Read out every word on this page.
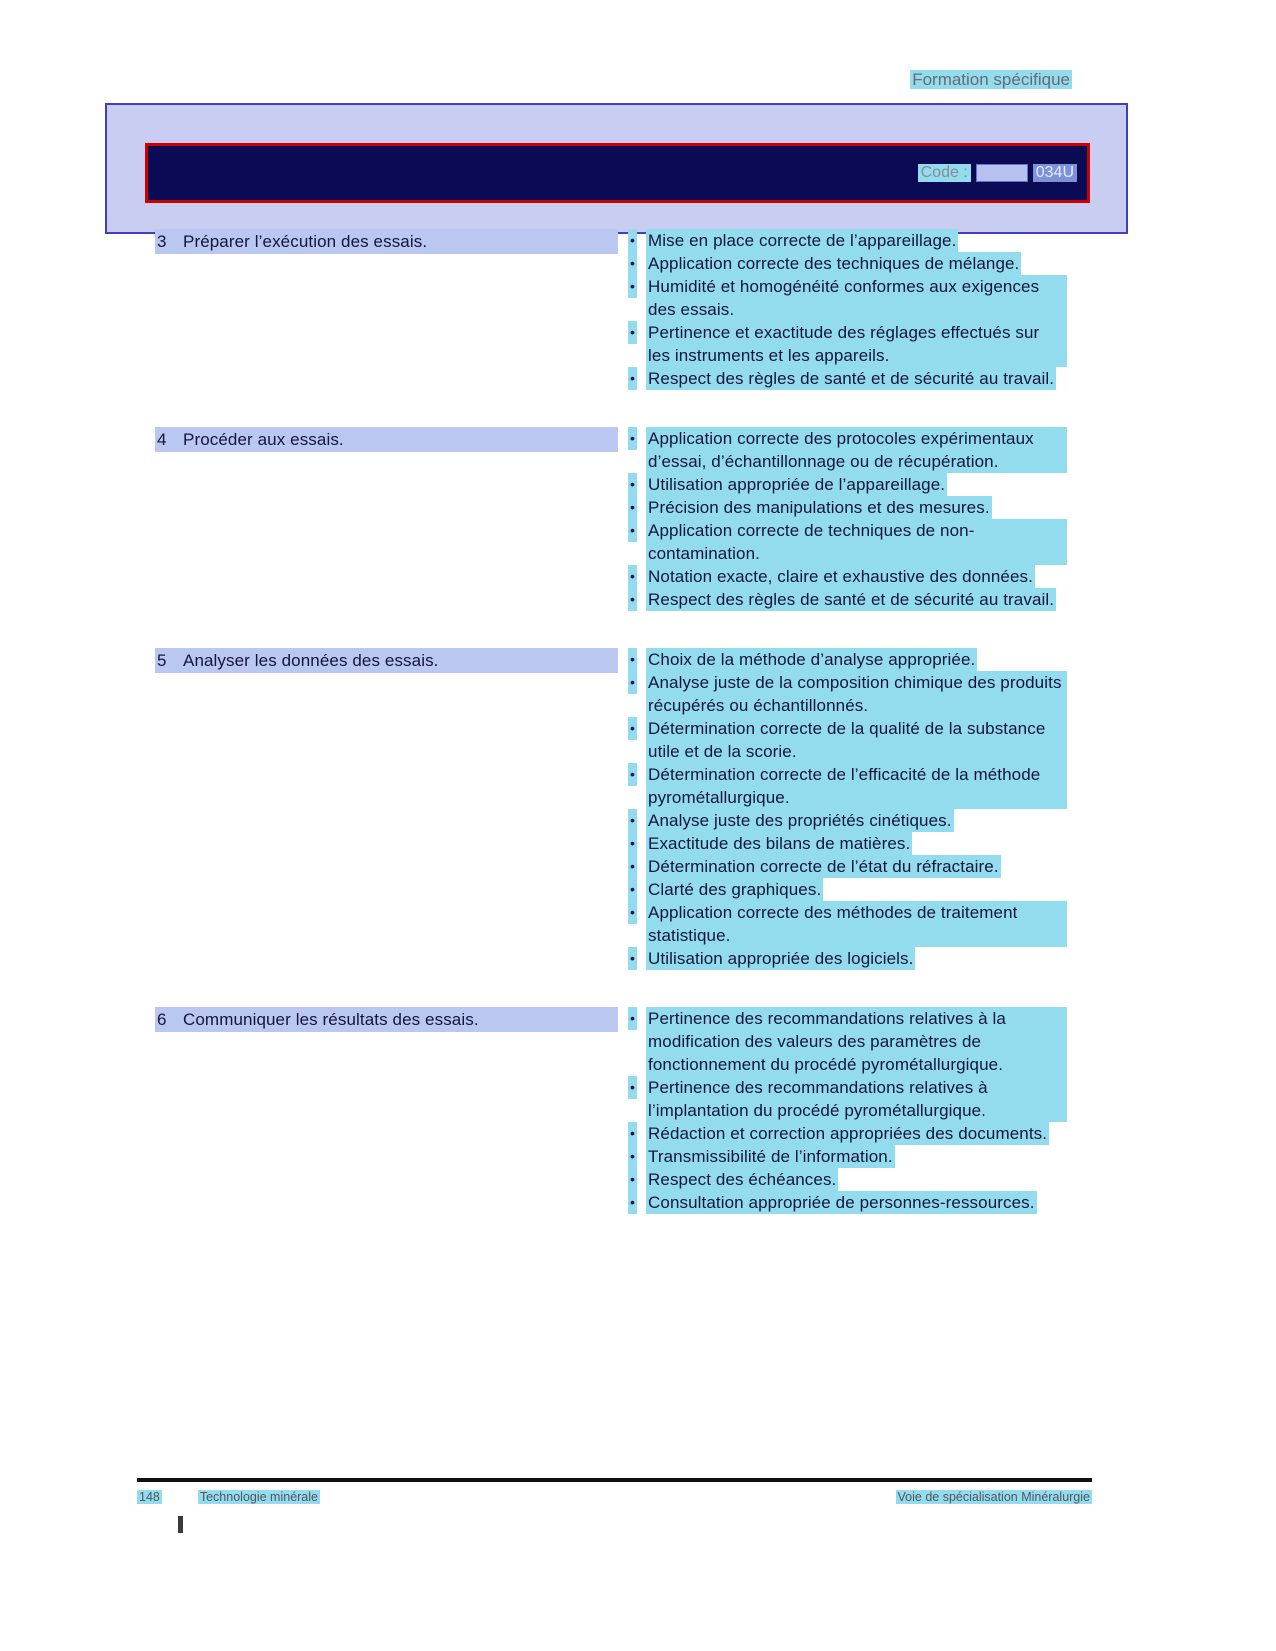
Formation spécifique
Code :	034U
3 Préparer l’exécution des essais.	• Mise en place correcte de l’appareillage.
• Application correcte des techniques de mélange.
• Humidité et homogénéité conformes aux exigences des essais.
• Pertinence et exactitude des réglages effectués sur les instruments et les appareils.
• Respect des règles de santé et de sécurité au travail.
4 Procéder aux essais.	• Application correcte des protocoles expérimentaux d’essai, d’échantillonnage ou de récupération.
• Utilisation appropriée de l’appareillage.
• Précision des manipulations et des mesures.
• Application correcte de techniques de non-contamination.
• Notation exacte, claire et exhaustive des données.
• Respect des règles de santé et de sécurité au travail.
5 Analyser les données des essais.	• Choix de la méthode d’analyse appropriée.
• Analyse juste de la composition chimique des produits récupérés ou échantillonnés.
• Détermination correcte de la qualité de la substance utile et de la scorie.
• Détermination correcte de l’efficacité de la méthode pyrométallurgique.
• Analyse juste des propriétés cinétiques.
• Exactitude des bilans de matières.
• Détermination correcte de l’état du réfractaire.
• Clarté des graphiques.
• Application correcte des méthodes de traitement statistique.
• Utilisation appropriée des logiciels.
6 Communiquer les résultats des essais.	• Pertinence des recommandations relatives à la modification des valeurs des paramètres de fonctionnement du procédé pyrométallurgique.
• Pertinence des recommandations relatives à l’implantation du procédé pyrométallurgique.
• Rédaction et correction appropriées des documents.
• Transmissibilité de l’information.
• Respect des échéances.
• Consultation appropriée de personnes-ressources.
148	Technologie minérale	Voie de spécialisation Minéralurgie
